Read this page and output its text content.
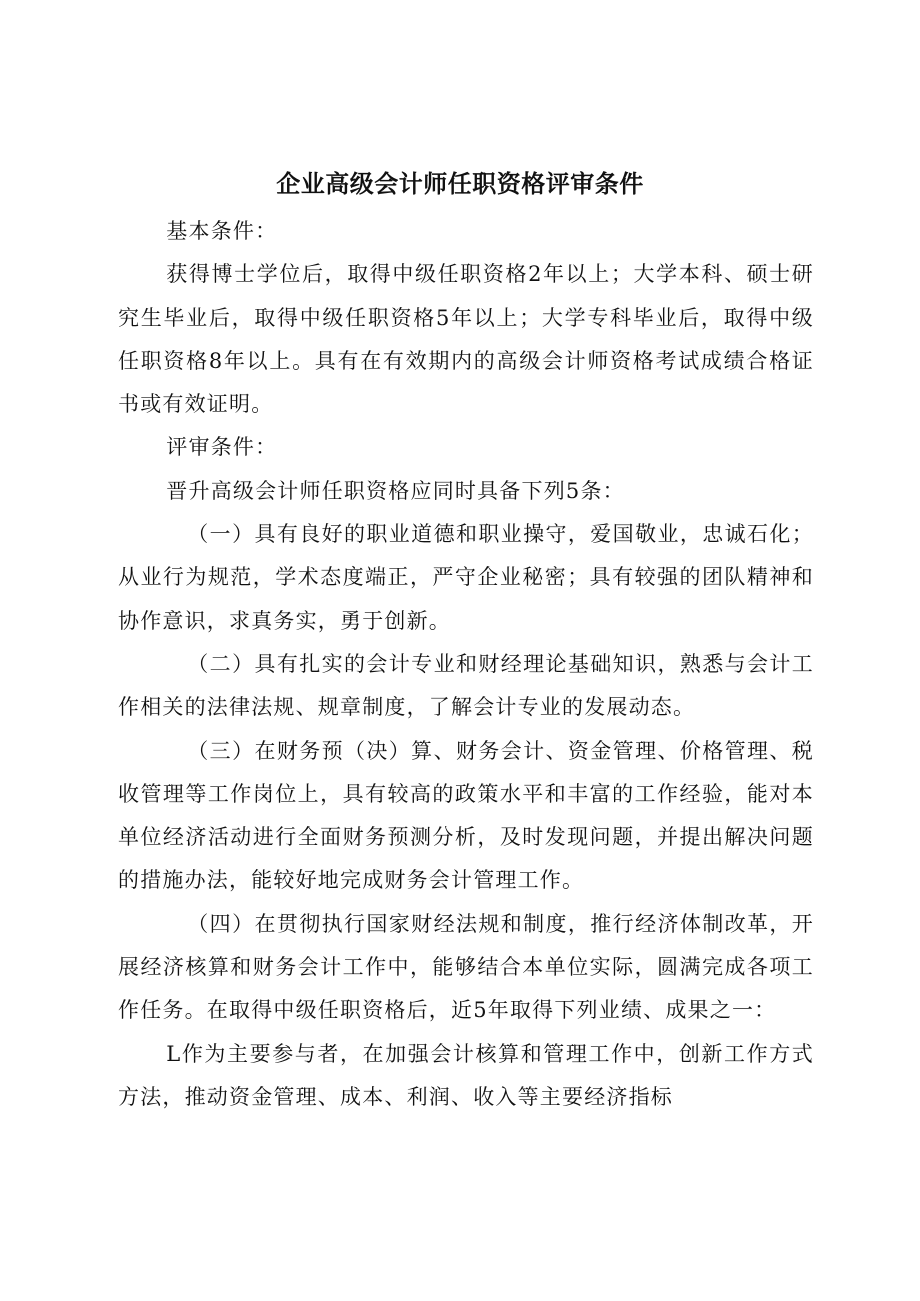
企业高级会计师任职资格评审条件

基本条件：

获得博士学位后，取得中级任职资格2年以上；大学本科、硕士研究生毕业后，取得中级任职资格5年以上；大学专科毕业后，取得中级任职资格8年以上。具有在有效期内的高级会计师资格考试成绩合格证书或有效证明。

评审条件：

晋升高级会计师任职资格应同时具备下列5条：

（一）具有良好的职业道德和职业操守，爱国敬业，忠诚石化；从业行为规范，学术态度端正，严守企业秘密；具有较强的团队精神和协作意识，求真务实，勇于创新。

（二）具有扎实的会计专业和财经理论基础知识，熟悉与会计工作相关的法律法规、规章制度，了解会计专业的发展动态。

（三）在财务预（决）算、财务会计、资金管理、价格管理、税收管理等工作岗位上，具有较高的政策水平和丰富的工作经验，能对本单位经济活动进行全面财务预测分析，及时发现问题，并提出解决问题的措施办法，能较好地完成财务会计管理工作。

（四）在贯彻执行国家财经法规和制度，推行经济体制改革，开展经济核算和财务会计工作中，能够结合本单位实际，圆满完成各项工作任务。在取得中级任职资格后，近5年取得下列业绩、成果之一：

L作为主要参与者，在加强会计核算和管理工作中，创新工作方式方法，推动资金管理、成本、利润、收入等主要经济指标
